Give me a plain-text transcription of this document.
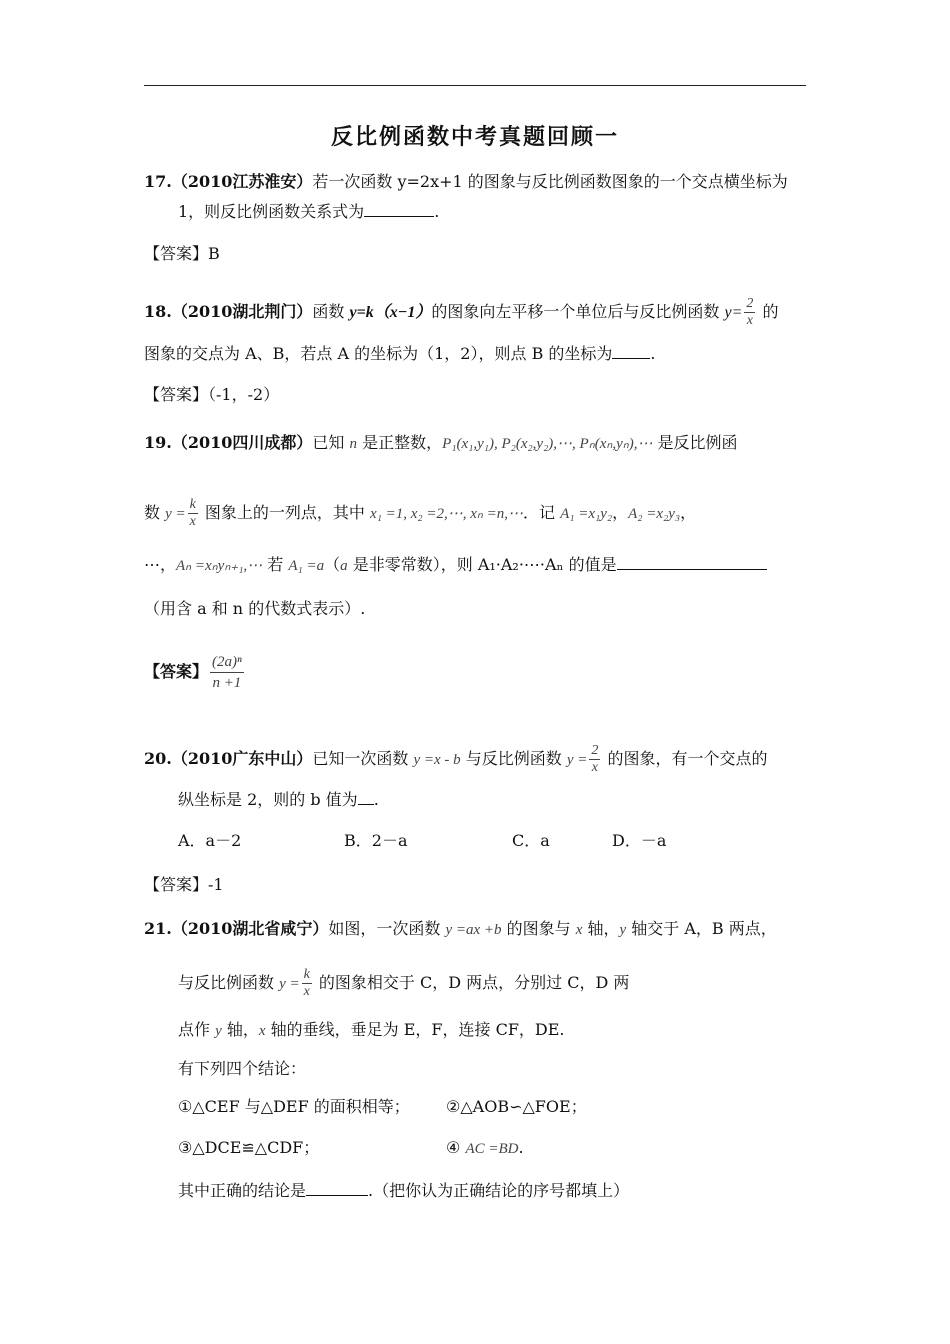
反比例函数中考真题回顾一
17.（2010江苏淮安）若一次函数 y=2x+1 的图象与反比例函数图象的一个交点横坐标为
1，则反比例函数关系式为	.
【答案】B
18.（2010湖北荆门）函数 y=k（x−1）的图象向左平移一个单位后与反比例函数 $y= \frac{2}{x}$ 的
图象的交点为 A、B，若点 A 的坐标为（1，2），则点 B 的坐标为 .
【答案】（-1，-2）
19.（2010四川成都）已知 n 是正整数，P₁(x₁,y₁), P₂(x₂,y₂),⋯, Pₙ(xₙ,yₙ),⋯ 是反比例函
数 $y = \frac{k}{x}$ 图象上的一列点，其中 x₁ =1, x₂ =2,⋯, xₙ =n,⋯．记 A₁ =x₁y₂，A₂ =x₂y₃，
⋯，Aₙ =xₙyₙ₊₁,⋯ 若 A₁ =a（a 是非零常数），则 A₁·A₂·⋯·Aₙ 的值是
（用含 a 和 n 的代数式表示）.
【答案】 $\frac{\text{(2a)ⁿ}}{n +1}$
20.（2010广东中山）已知一次函数 y =x - b 与反比例函数 $y = \frac{2}{x}$ 的图象，有一个交点的
纵坐标是 2，则的 b 值为 .
A．a－2	B．2－a	C．a	D．－a
【答案】-1
21.（2010湖北省咸宁）如图，一次函数 y =ax +b 的图象与 x 轴，y 轴交于 A，B 两点，
与反比例函数 $y = \frac{k}{x}$ 的图象相交于 C，D 两点，分别过 C，D 两
点作 y 轴，x 轴的垂线，垂足为 E，F，连接 CF，DE.
有下列四个结论：
①△CEF 与△DEF 的面积相等； ②△AOB∽△FOE；
③△DCE≌△CDF；	④ AC =BD.
其中正确的结论是	.（把你认为正确结论的序号都填上）
